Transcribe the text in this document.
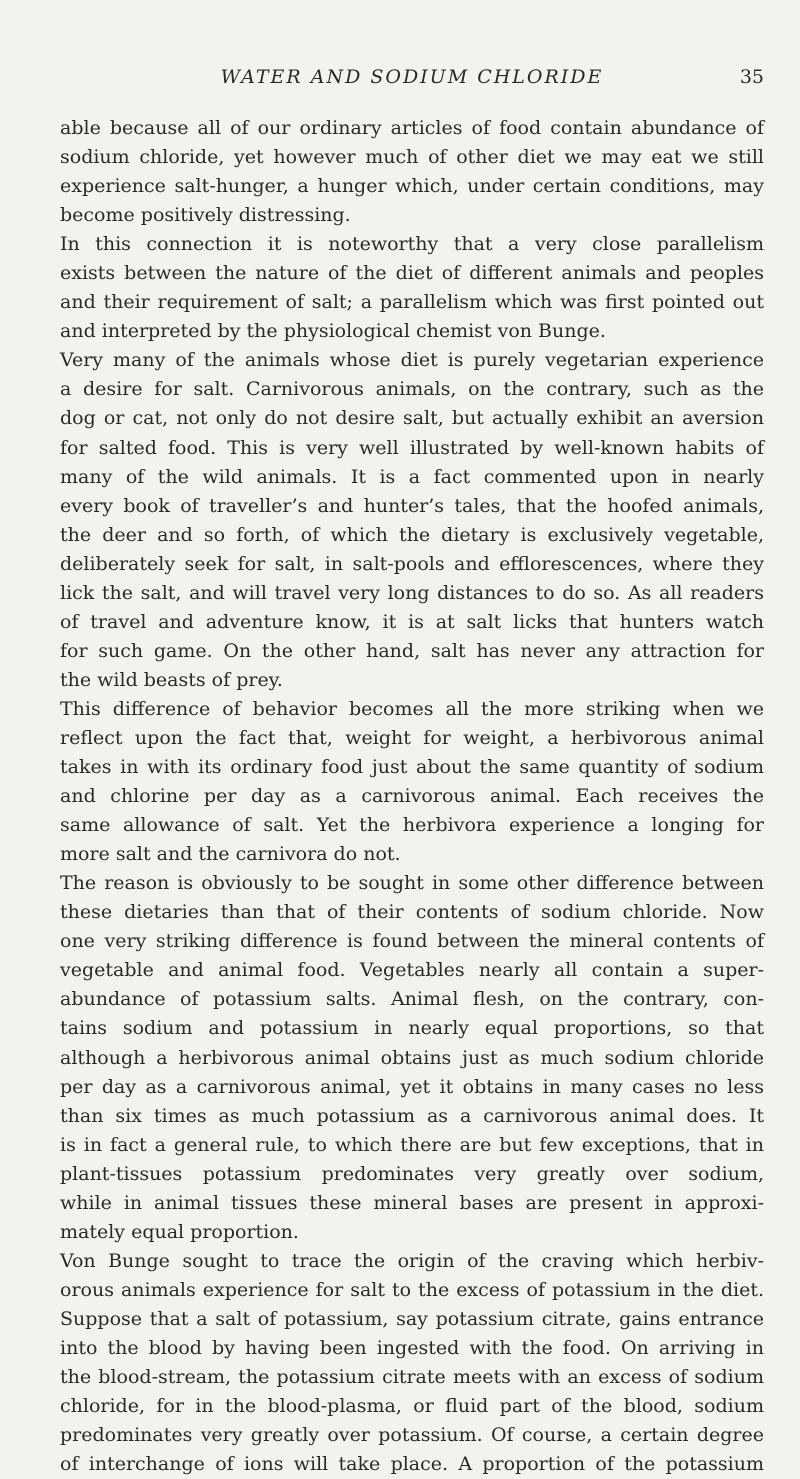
WATER AND SODIUM CHLORIDE	35
able because all of our ordinary articles of food contain abundance of
sodium chloride, yet however much of other diet we may eat we still
experience salt-hunger, a hunger which, under certain conditions, may
become positively distressing.
In this connection it is noteworthy that a very close parallelism
exists between the nature of the diet of different animals and peoples
and their requirement of salt; a parallelism which was first pointed out
and interpreted by the physiological chemist von Bunge.
Very many of the animals whose diet is purely vegetarian experience
a desire for salt. Carnivorous animals, on the contrary, such as the
dog or cat, not only do not desire salt, but actually exhibit an aversion
for salted food. This is very well illustrated by well-known habits of
many of the wild animals. It is a fact commented upon in nearly
every book of traveller’s and hunter’s tales, that the hoofed animals,
the deer and so forth, of which the dietary is exclusively vegetable,
deliberately seek for salt, in salt-pools and efflorescences, where they
lick the salt, and will travel very long distances to do so. As all readers
of travel and adventure know, it is at salt licks that hunters watch
for such game. On the other hand, salt has never any attraction for
the wild beasts of prey.
This difference of behavior becomes all the more striking when we
reflect upon the fact that, weight for weight, a herbivorous animal
takes in with its ordinary food just about the same quantity of sodium
and chlorine per day as a carnivorous animal. Each receives the
same allowance of salt. Yet the herbivora experience a longing for
more salt and the carnivora do not.
The reason is obviously to be sought in some other difference between
these dietaries than that of their contents of sodium chloride. Now
one very striking difference is found between the mineral contents of
vegetable and animal food. Vegetables nearly all contain a super-
abundance of potassium salts. Animal flesh, on the contrary, con-
tains sodium and potassium in nearly equal proportions, so that
although a herbivorous animal obtains just as much sodium chloride
per day as a carnivorous animal, yet it obtains in many cases no less
than six times as much potassium as a carnivorous animal does. It
is in fact a general rule, to which there are but few exceptions, that in
plant-tissues potassium predominates very greatly over sodium,
while in animal tissues these mineral bases are present in approxi-
mately equal proportion.
Von Bunge sought to trace the origin of the craving which herbiv-
orous animals experience for salt to the excess of potassium in the diet.
Suppose that a salt of potassium, say potassium citrate, gains entrance
into the blood by having been ingested with the food. On arriving in
the blood-stream, the potassium citrate meets with an excess of sodium
chloride, for in the blood-plasma, or fluid part of the blood, sodium
predominates very greatly over potassium. Of course, a certain degree
of interchange of ions will take place. A proportion of the potassium
